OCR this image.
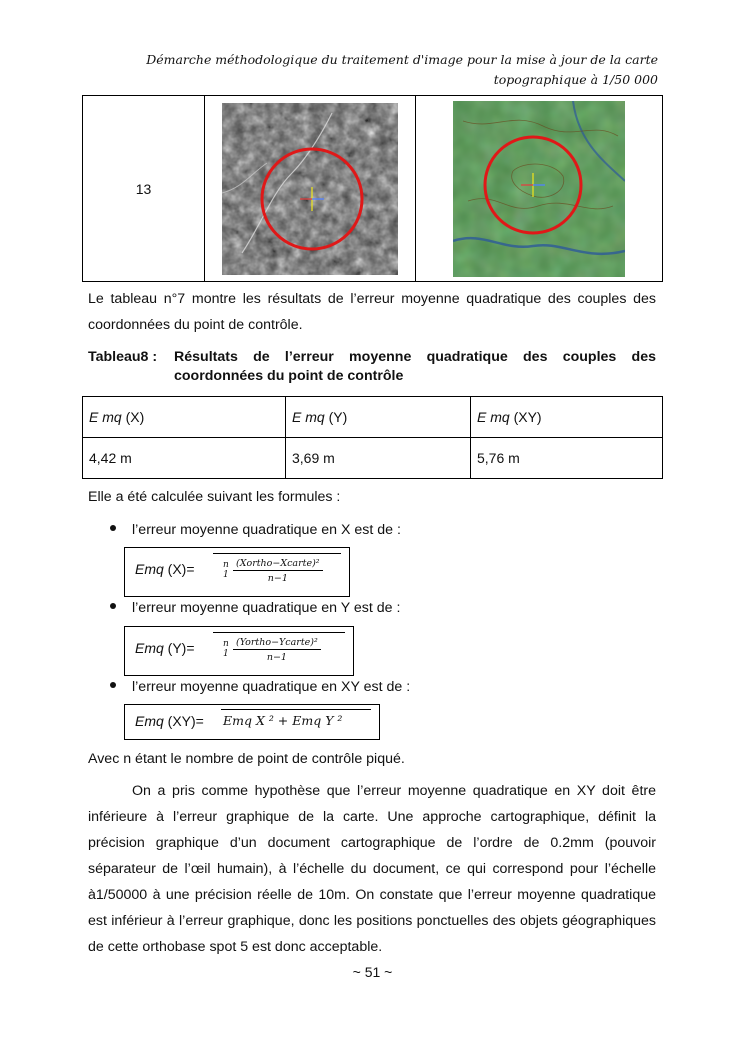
Démarche méthodologique du traitement d'image pour la mise à jour de la carte
topographique à 1/50 000
13	

Le tableau n°7 montre les résultats de l’erreur moyenne quadratique des couples des coordonnées du point de contrôle.
Tableau8 :	Résultats de l’erreur moyenne quadratique des couples des coordonnées du point de contrôle
E mq (X)	E mq (Y)	E mq (XY)
4,42 m	3,69 m	5,76 m
Elle a été calculée suivant les formules :
l’erreur moyenne quadratique en X est de :
Emq (X)=	n
1
(Xortho−Xcarte)²
n−1
l’erreur moyenne quadratique en Y est de :
Emq (Y)=	n
1
(Yortho−Ycarte)²
n−1
l’erreur moyenne quadratique en XY est de :
Emq (XY)= Emq X ² + Emq Y ²
Avec n étant le nombre de point de contrôle piqué.
On a pris comme hypothèse que l’erreur moyenne quadratique en XY doit être inférieure à l’erreur graphique de la carte. Une approche cartographique, définit la précision graphique d’un document cartographique de l’ordre de 0.2mm (pouvoir séparateur de l’œil humain), à l’échelle du document, ce qui correspond pour l’échelle à1/50000 à une précision réelle de 10m. On constate que l’erreur moyenne quadratique est inférieur à l’erreur graphique, donc les positions ponctuelles des objets géographiques de cette orthobase spot 5 est donc acceptable.
~ 51 ~
